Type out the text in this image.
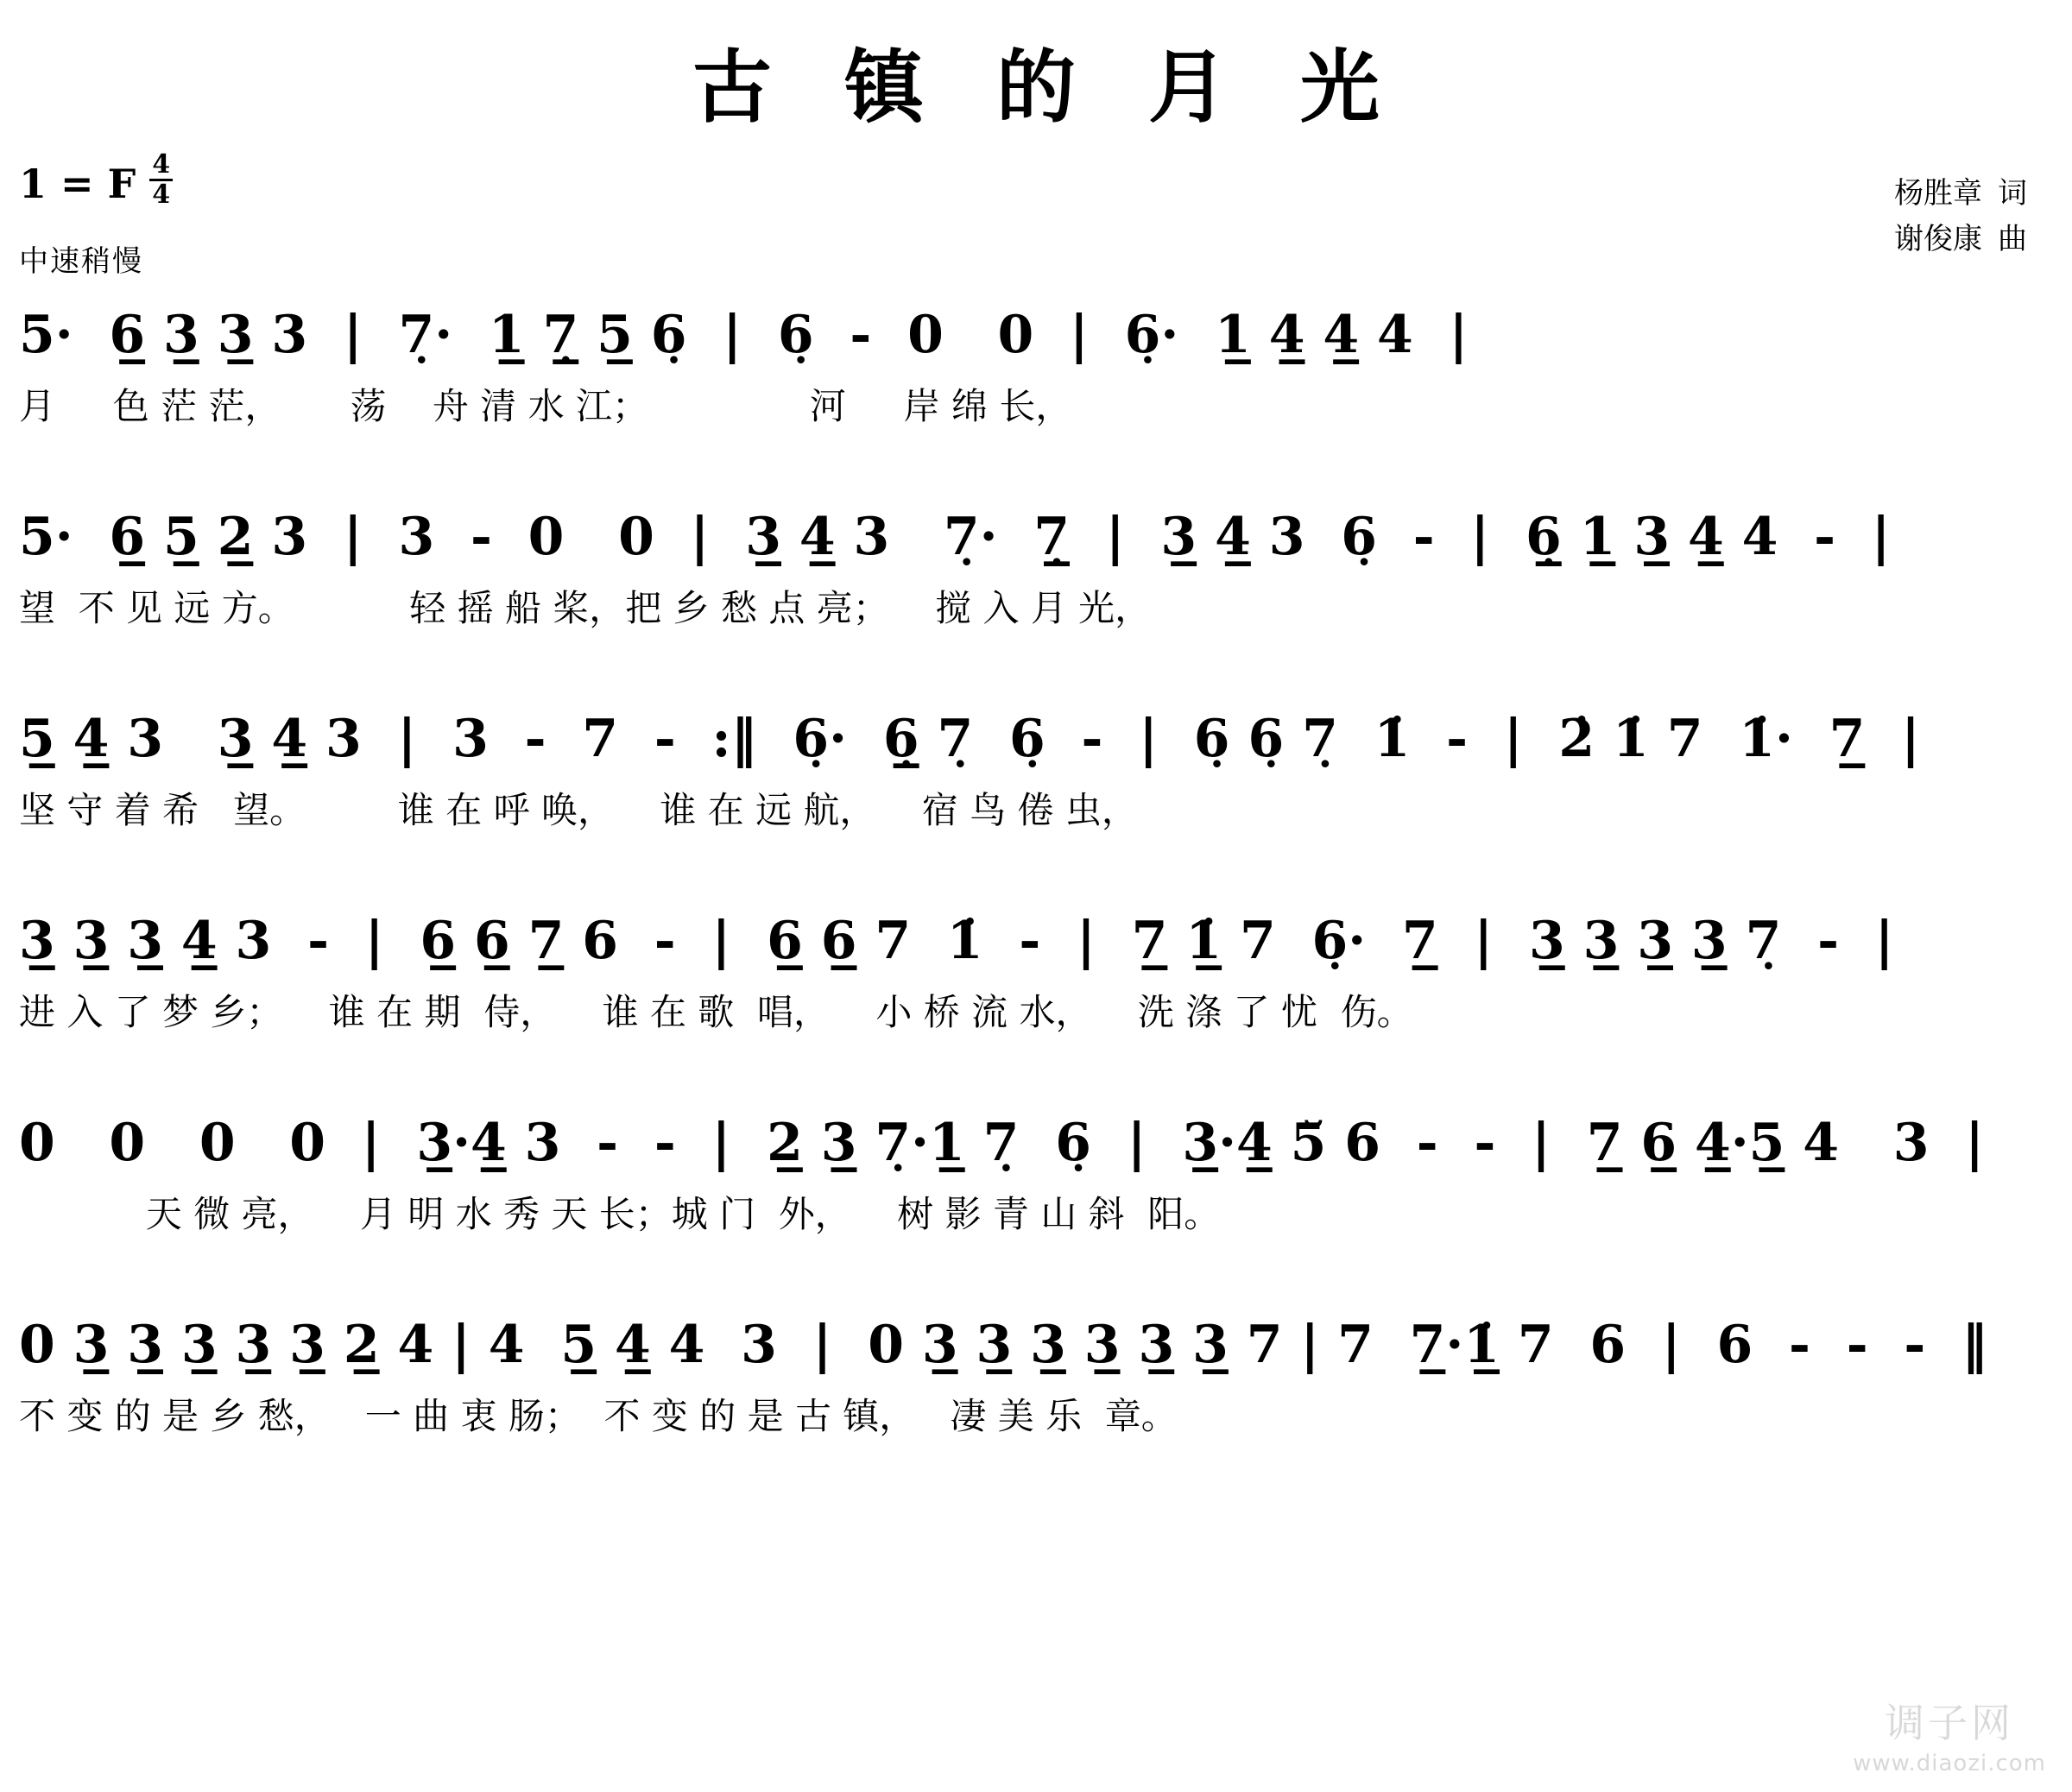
古 镇 的 月 光
1 = F $\frac{4}{4}$
中速稍慢
杨胜章 词
谢俊康 曲
5·  6̲ 3̲ 3̲ 3  |  7̣·  1̲ 7̣̲ 5̲ 6̣  |  6̣  -  0   0  |  6̣·  1̲ 4̲ 4̲ 4  |
月     色 茫 茫，      荡    舟 清 水 江；              河     岸 绵 长，
5·  6̲ 5̲ 2̲ 3  |  3  -  0   0  |  3̲ 4̲ 3   7̣·  7̣̲  |  3̲ 4̲ 3  6̣  -  |  6̣̲ 1̲ 3̲ 4̲ 4  -  |
望  不 见 远 方。          轻 摇 船 桨，把 乡 愁 点 亮；    搅 入 月 光，
5̲ 4̲ 3   3̲ 4̲ 3  |  3  -  7  -  :‖  6̣·  6̣̲ 7̣  6̣  -  |  6̣ 6̣ 7̣  1̇  -  |  2̇ 1̇ 7  1̇·  7̲  |
坚 守 着 希   望。        谁 在 呼 唤，    谁 在 远 航，    宿 鸟 倦 虫，
3̲ 3̲ 3̲ 4̲ 3  -  |  6̲ 6̲ 7̲ 6  -  |  6̲ 6̲ 7  1̇  -  |  7̲ 1̲̇ 7  6̣·  7̲  |  3̲ 3̲ 3̲ 3̲ 7̣  -  |
进 入 了 梦 乡；    谁 在 期  侍，    谁 在 歌  唱，    小 桥 流 水，    洗 涤 了 忧  伤。
0   0   0   0  |  3̲·4̲ 3  -  -  |  2̲ 3̲ 7̣·1̲ 7̣  6̣  |  3̲·4̲ 5̆ 6  -  -  |  7̲ 6̲ 4̲·5̲ 4   3  |
天 微 亮，    月 明 水 秀 天 长；城 门  外，    树 影 青 山 斜  阳。
0 3̲ 3̲ 3̲ 3̲ 3̲ 2̲ 4 | 4  5̲ 4̲ 4  3  |  0 3̲ 3̲ 3̲ 3̲ 3̲ 3̲ 7 | 7  7̲·1̲̇ 7  6  |  6  -  -  -  ‖
不 变 的 是 乡 愁，   一 曲 衷 肠；  不 变 的 是 古 镇，   凄 美 乐  章。
调子网
www.diaozi.com
